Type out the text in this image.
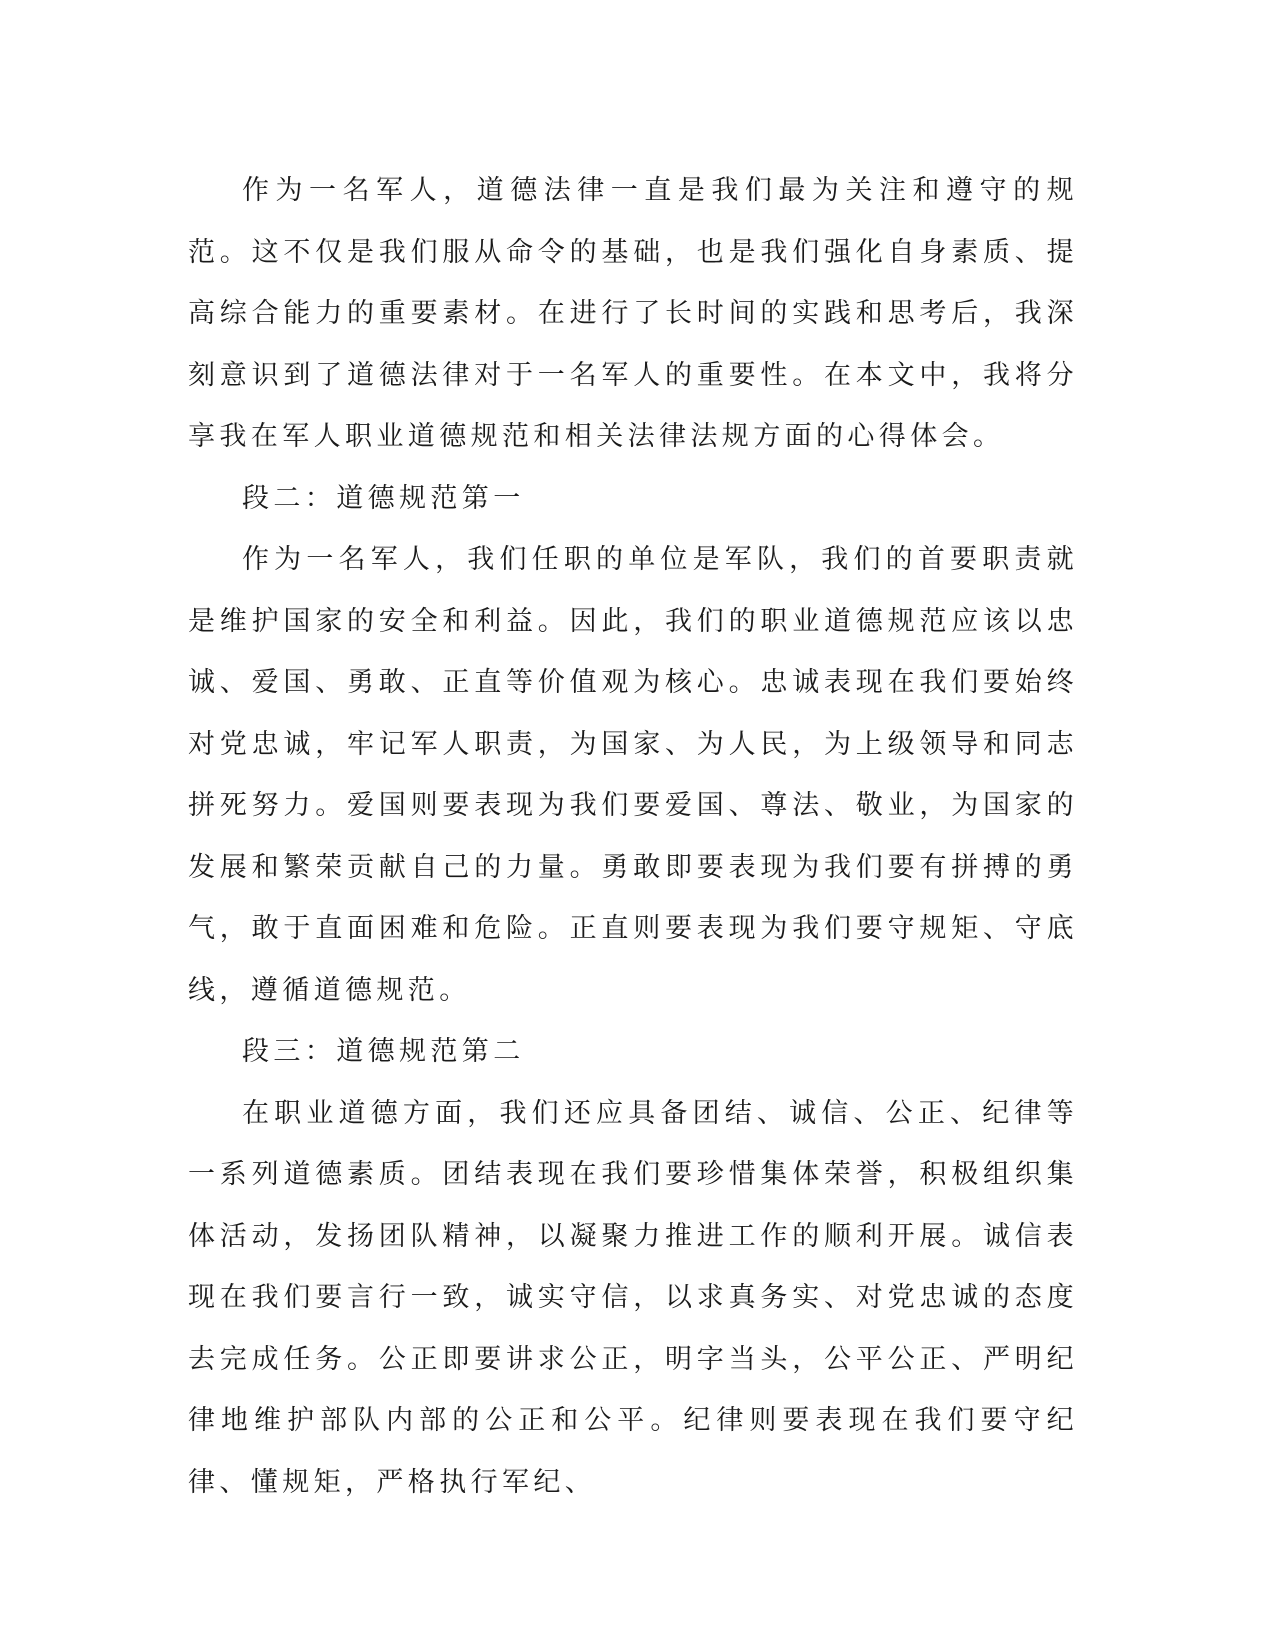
作为一名军人，道德法律一直是我们最为关注和遵守的规范。这不仅是我们服从命令的基础，也是我们强化自身素质、提高综合能力的重要素材。在进行了长时间的实践和思考后，我深刻意识到了道德法律对于一名军人的重要性。在本文中，我将分享我在军人职业道德规范和相关法律法规方面的心得体会。

段二：道德规范第一

作为一名军人，我们任职的单位是军队，我们的首要职责就是维护国家的安全和利益。因此，我们的职业道德规范应该以忠诚、爱国、勇敢、正直等价值观为核心。忠诚表现在我们要始终对党忠诚，牢记军人职责，为国家、为人民，为上级领导和同志拼死努力。爱国则要表现为我们要爱国、尊法、敬业，为国家的发展和繁荣贡献自己的力量。勇敢即要表现为我们要有拼搏的勇气，敢于直面困难和危险。正直则要表现为我们要守规矩、守底线，遵循道德规范。

段三：道德规范第二

在职业道德方面，我们还应具备团结、诚信、公正、纪律等一系列道德素质。团结表现在我们要珍惜集体荣誉，积极组织集体活动，发扬团队精神，以凝聚力推进工作的顺利开展。诚信表现在我们要言行一致，诚实守信，以求真务实、对党忠诚的态度去完成任务。公正即要讲求公正，明字当头，公平公正、严明纪律地维护部队内部的公正和公平。纪律则要表现在我们要守纪律、懂规矩，严格执行军纪、
